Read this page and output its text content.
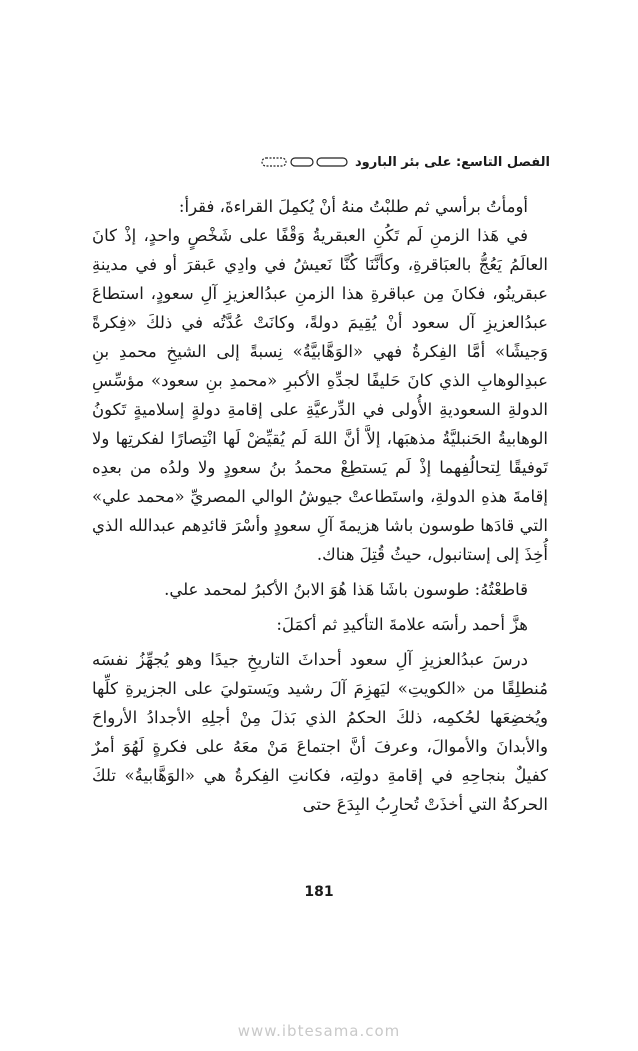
الفصل التاسع: على بئر البارود

أومأتُ برأسي ثم طلبْتُ منهُ أنْ يُكمِلَ القراءةَ، فقرأ:

في هَذا الزمنِ لَم تَكُنِ العبقريةُ وَقْفًا على شَخْصٍ واحدٍ، إذْ كانَ العالَمُ يَعُجُّ بالعبَاقرةِ، وكأنَّنَا كُنَّا نَعيشُ في وادِي عَبقرَ أو في مدينةِ عبقرينُو، فكانَ مِن عباقرةِ هذا الزمنِ عبدُالعزيزِ آلِ سعودٍ، استطاعَ عبدُالعزيزِ آل سعود أنْ يُقِيمَ دولةً، وكانَتْ عُدَّتُه في ذلكَ «فِكرةً وَجيشًا» أمَّا الفِكرةُ فهي «الوَهَّابيَّةُ» نِسبةً إلى الشيخِ محمدِ بنِ عبدِالوهابِ الذي كانَ حَليفًا لجدِّهِ الأكبرِ «محمدِ بنِ سعود» مؤسِّسِ الدولةِ السعوديةِ الأُولى في الدِّرعيَّةِ على إقامةِ دولةٍ إسلاميةٍ تَكونُ الوهابيةُ الحَنبليَّةُ مذهبَها، إلاَّ أنَّ اللهَ لَم يُقيِّضْ لَها انْتِصارًا لفكرتِها ولا تَوفيقًا لِتحالُفِهما إذْ لَم يَستطِعْ محمدُ بنُ سعودٍ ولا ولدُه من بعدِه إقامةَ هذهِ الدولةِ، واستَطاعتْ جيوشُ الوالي المصريِّ «محمد علي» التي قادَها طوسون باشا هزيمةَ آلِ سعودٍ وأسْرَ قائدِهم عبدالله الذي أُخِذَ إلى إستانبول، حيثُ قُتِلَ هناك.

قاطعْتُهُ: طوسون باشَا هَذا هُوَ الابنُ الأكبرُ لمحمد علي.

هزَّ أحمد رأسَه علامةَ التأكيدِ ثم أكمَلَ:

درسَ عبدُالعزيزِ آلِ سعود أحداثَ التاريخِ جيدًا وهو يُجهِّزُ نفسَه مُنطلِقًا من «الكويتِ» ليَهزِمَ آلَ رشيد ويَستوليَ على الجزيرةِ كلِّها ويُخضِعَها لحُكمِه، ذلكَ الحكمُ الذي بَذلَ مِنْ أجلِهِ الأجدادُ الأرواحَ والأبدانَ والأموالَ، وعرفَ أنَّ اجتماعَ مَنْ معَهُ على فكرةٍ لَهُوَ أمرٌ كفيلٌ بنجاحِهِ في إقامةِ دولتِه، فكانتِ الفِكرةُ هي «الوَهَّابيةُ» تلكَ الحركةُ التي أخذَتْ تُحارِبُ البِدَعَ حتى

181
www.ibtesama.com
